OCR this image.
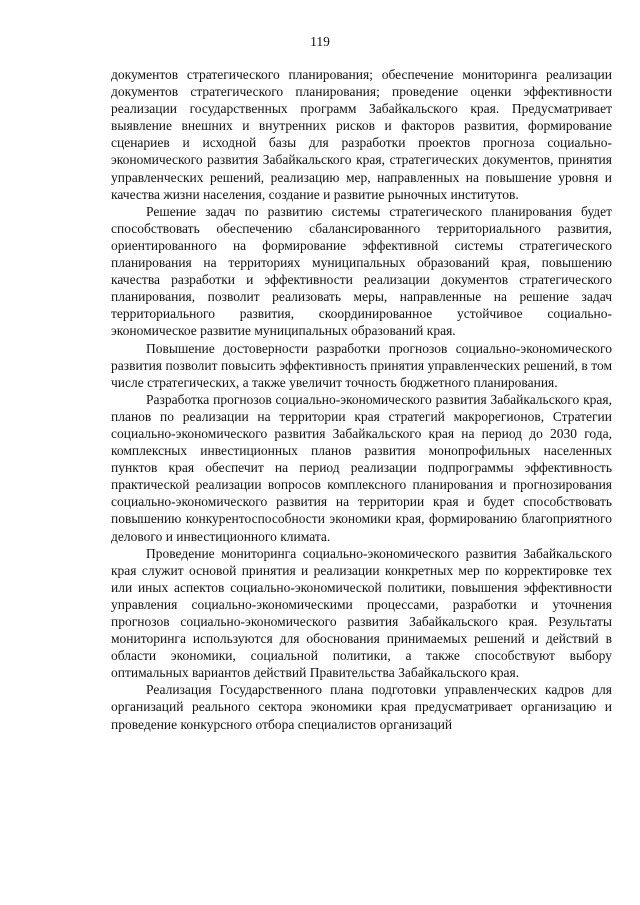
119

документов стратегического планирования; обеспечение мониторинга реализации документов стратегического планирования; проведение оценки эффективности реализации государственных программ Забайкальского края. Предусматривает выявление внешних и внутренних рисков и факторов развития, формирование сценариев и исходной базы для разработки проектов прогноза социально-экономического развития Забайкальского края, стратегических документов, принятия управленческих решений, реализацию мер, направленных на повышение уровня и качества жизни населения, создание и развитие рыночных институтов.

Решение задач по развитию системы стратегического планирования будет способствовать обеспечению сбалансированного территориального развития, ориентированного на формирование эффективной системы стратегического планирования на территориях муниципальных образований края, повышению качества разработки и эффективности реализации документов стратегического планирования, позволит реализовать меры, направленные на решение задач территориального развития, скоординированное устойчивое социально-экономическое развитие муниципальных образований края.

Повышение достоверности разработки прогнозов социально-экономического развития позволит повысить эффективность принятия управленческих решений, в том числе стратегических, а также увеличит точность бюджетного планирования.

Разработка прогнозов социально-экономического развития Забайкальского края, планов по реализации на территории края стратегий макрорегионов, Стратегии социально-экономического развития Забайкальского края на период до 2030 года, комплексных инвестиционных планов развития монопрофильных населенных пунктов края обеспечит на период реализации подпрограммы эффективность практической реализации вопросов комплексного планирования и прогнозирования социально-экономического развития на территории края и будет способствовать повышению конкурентоспособности экономики края, формированию благоприятного делового и инвестиционного климата.

Проведение мониторинга социально-экономического развития Забайкальского края служит основой принятия и реализации конкретных мер по корректировке тех или иных аспектов социально-экономической политики, повышения эффективности управления социально-экономическими процессами, разработки и уточнения прогнозов социально-экономического развития Забайкальского края. Результаты мониторинга используются для обоснования принимаемых решений и действий в области экономики, социальной политики, а также способствуют выбору оптимальных вариантов действий Правительства Забайкальского края.

Реализация Государственного плана подготовки управленческих кадров для организаций реального сектора экономики края предусматривает организацию и проведение конкурсного отбора специалистов организаций
